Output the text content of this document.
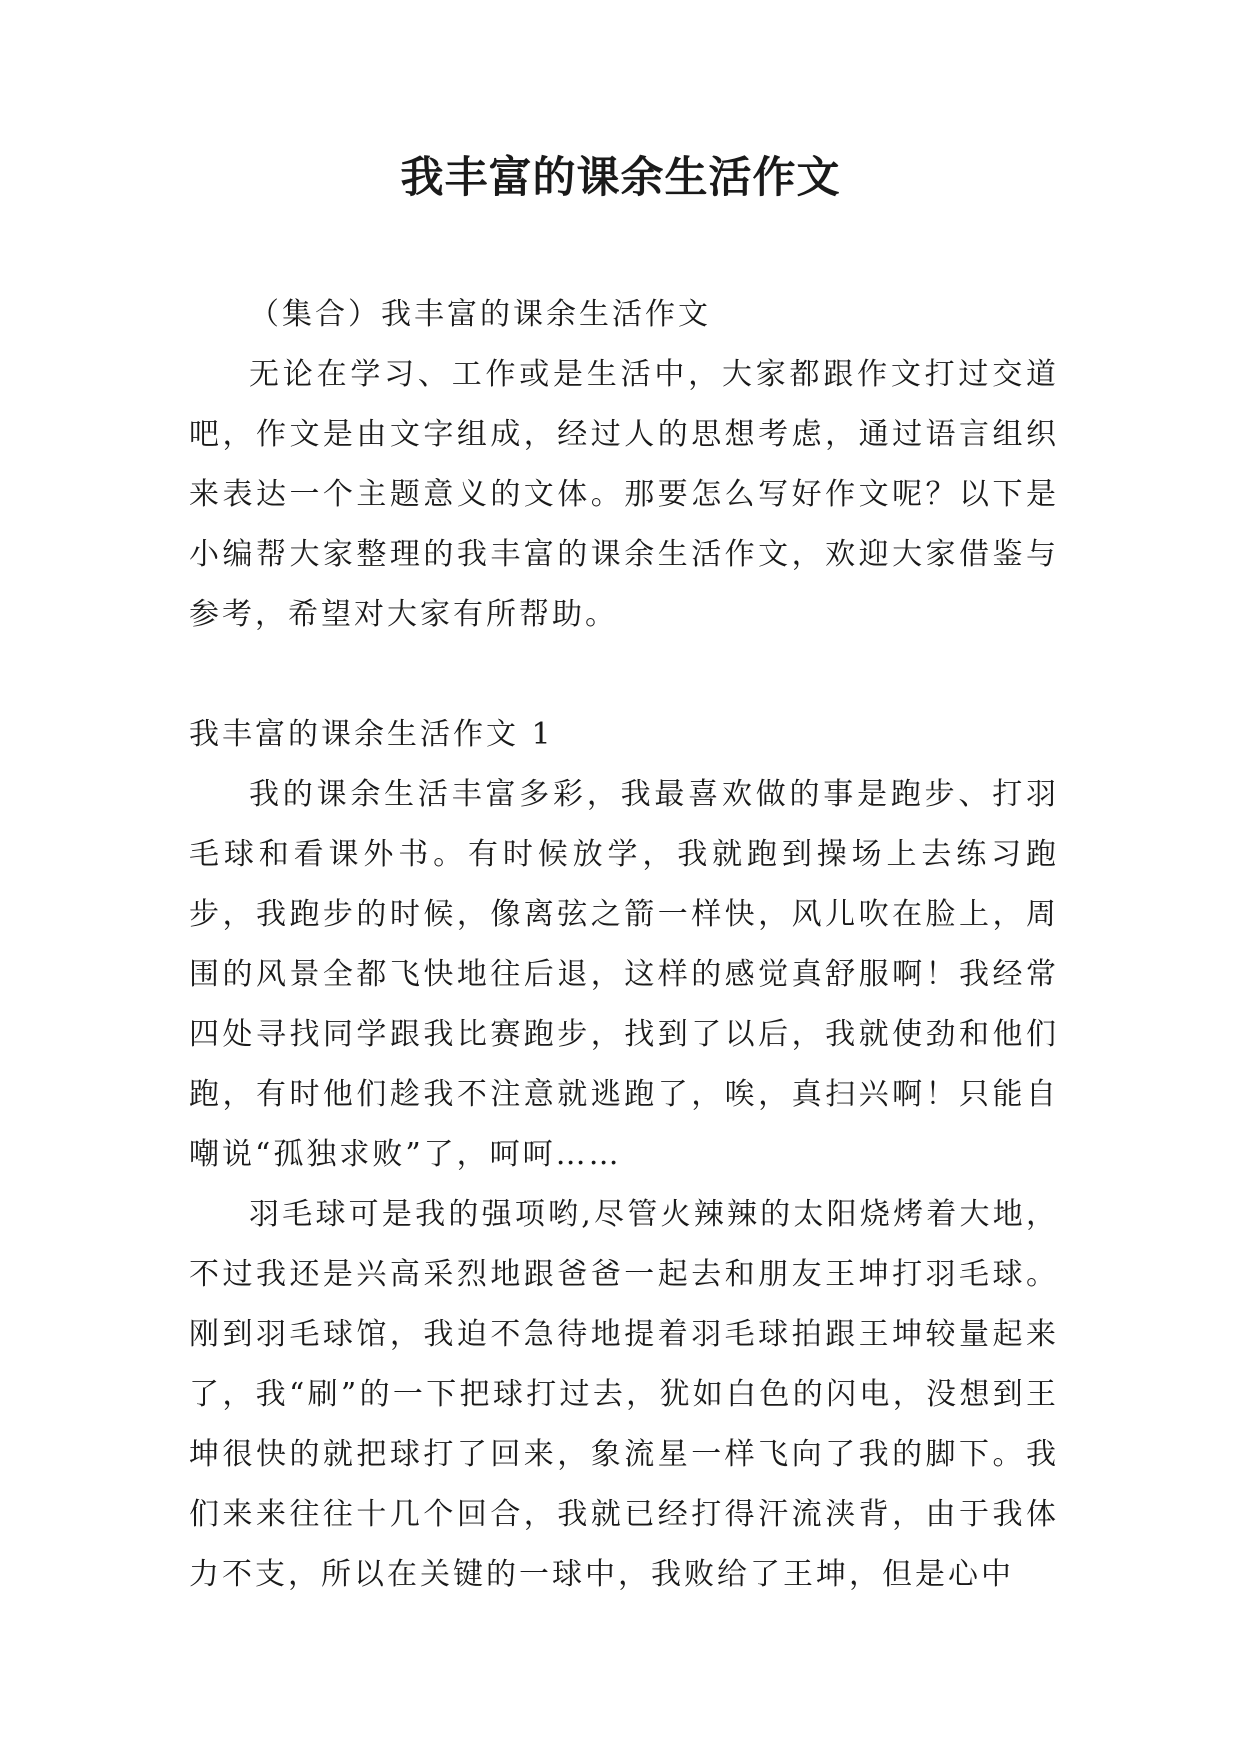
我丰富的课余生活作文

（集合）我丰富的课余生活作文

无论在学习、工作或是生活中，大家都跟作文打过交道吧，作文是由文字组成，经过人的思想考虑，通过语言组织来表达一个主题意义的文体。那要怎么写好作文呢？以下是小编帮大家整理的我丰富的课余生活作文，欢迎大家借鉴与参考，希望对大家有所帮助。

我丰富的课余生活作文 1

我的课余生活丰富多彩，我最喜欢做的事是跑步、打羽毛球和看课外书。有时候放学，我就跑到操场上去练习跑步，我跑步的时候，像离弦之箭一样快，风儿吹在脸上，周围的风景全都飞快地往后退，这样的感觉真舒服啊！我经常四处寻找同学跟我比赛跑步，找到了以后，我就使劲和他们跑，有时他们趁我不注意就逃跑了，唉，真扫兴啊！只能自嘲说“孤独求败”了，呵呵……

羽毛球可是我的强项哟,尽管火辣辣的太阳烧烤着大地，不过我还是兴高采烈地跟爸爸一起去和朋友王坤打羽毛球。刚到羽毛球馆，我迫不急待地提着羽毛球拍跟王坤较量起来了，我“刷”的一下把球打过去，犹如白色的闪电，没想到王坤很快的就把球打了回来，象流星一样飞向了我的脚下。我们来来往往十几个回合，我就已经打得汗流浃背，由于我体力不支，所以在关键的一球中，我败给了王坤，但是心中
